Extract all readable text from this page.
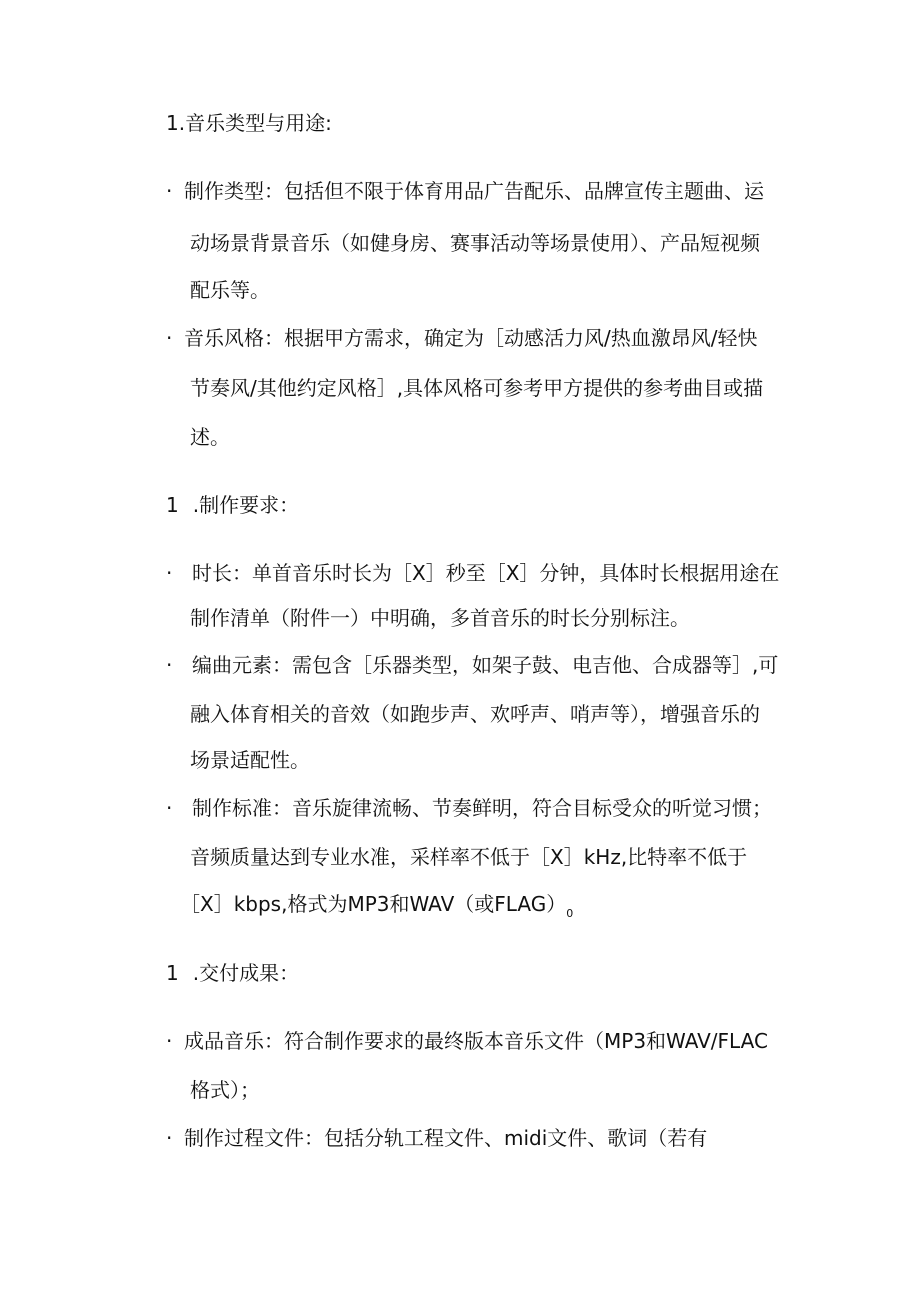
1.音乐类型与用途:
· 制作类型：包括但不限于体育用品广告配乐、品牌宣传主题曲、运
动场景背景音乐（如健身房、赛事活动等场景使用）、产品短视频
配乐等。
· 音乐风格：根据甲方需求，确定为［动感活力风/热血激昂风/轻快
节奏风/其他约定风格］,具体风格可参考甲方提供的参考曲目或描
述。
1 .制作要求：
· 时长：单首音乐时长为［X］秒至［X］分钟，具体时长根据用途在
制作清单（附件一）中明确，多首音乐的时长分别标注。
· 编曲元素：需包含［乐器类型，如架子鼓、电吉他、合成器等］,可
融入体育相关的音效（如跑步声、欢呼声、哨声等），增强音乐的
场景适配性。
· 制作标准：音乐旋律流畅、节奏鲜明，符合目标受众的听觉习惯；
音频质量达到专业水准，采样率不低于［X］kHz,比特率不低于
［X］kbps,格式为MP3和WAV（或$FLAG)_0$
1 .交付成果：
· 成品音乐：符合制作要求的最终版本音乐文件（MP3和WAV/FLAC
格式）；
· 制作过程文件：包括分轨工程文件、midi文件、歌词（若有
